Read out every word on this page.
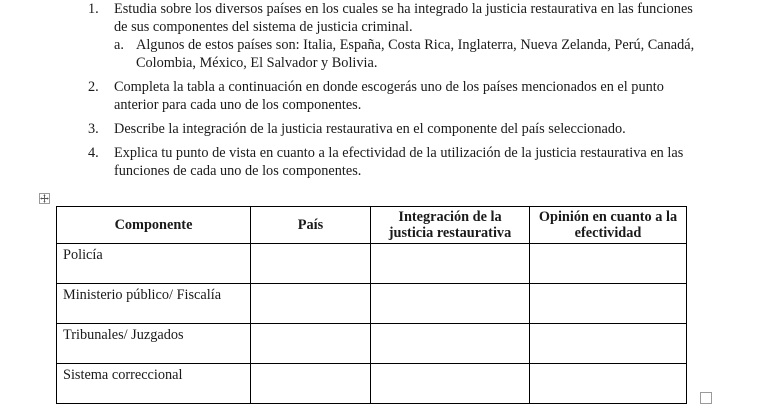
1. Estudia sobre los diversos países en los cuales se ha integrado la justicia restaurativa en las funciones de sus componentes del sistema de justicia criminal.
a. Algunos de estos países son: Italia, España, Costa Rica, Inglaterra, Nueva Zelanda, Perú, Canadá, Colombia, México, El Salvador y Bolivia.
2. Completa la tabla a continuación en donde escogerás uno de los países mencionados en el punto anterior para cada uno de los componentes.
3. Describe la integración de la justicia restaurativa en el componente del país seleccionado.
4. Explica tu punto de vista en cuanto a la efectividad de la utilización de la justicia restaurativa en las funciones de cada uno de los componentes.
Componente	País	Integración de la justicia restaurativa	Opinión en cuanto a la efectividad
Policía			
Ministerio público/ Fiscalía			
Tribunales/ Juzgados			
Sistema correccional			
